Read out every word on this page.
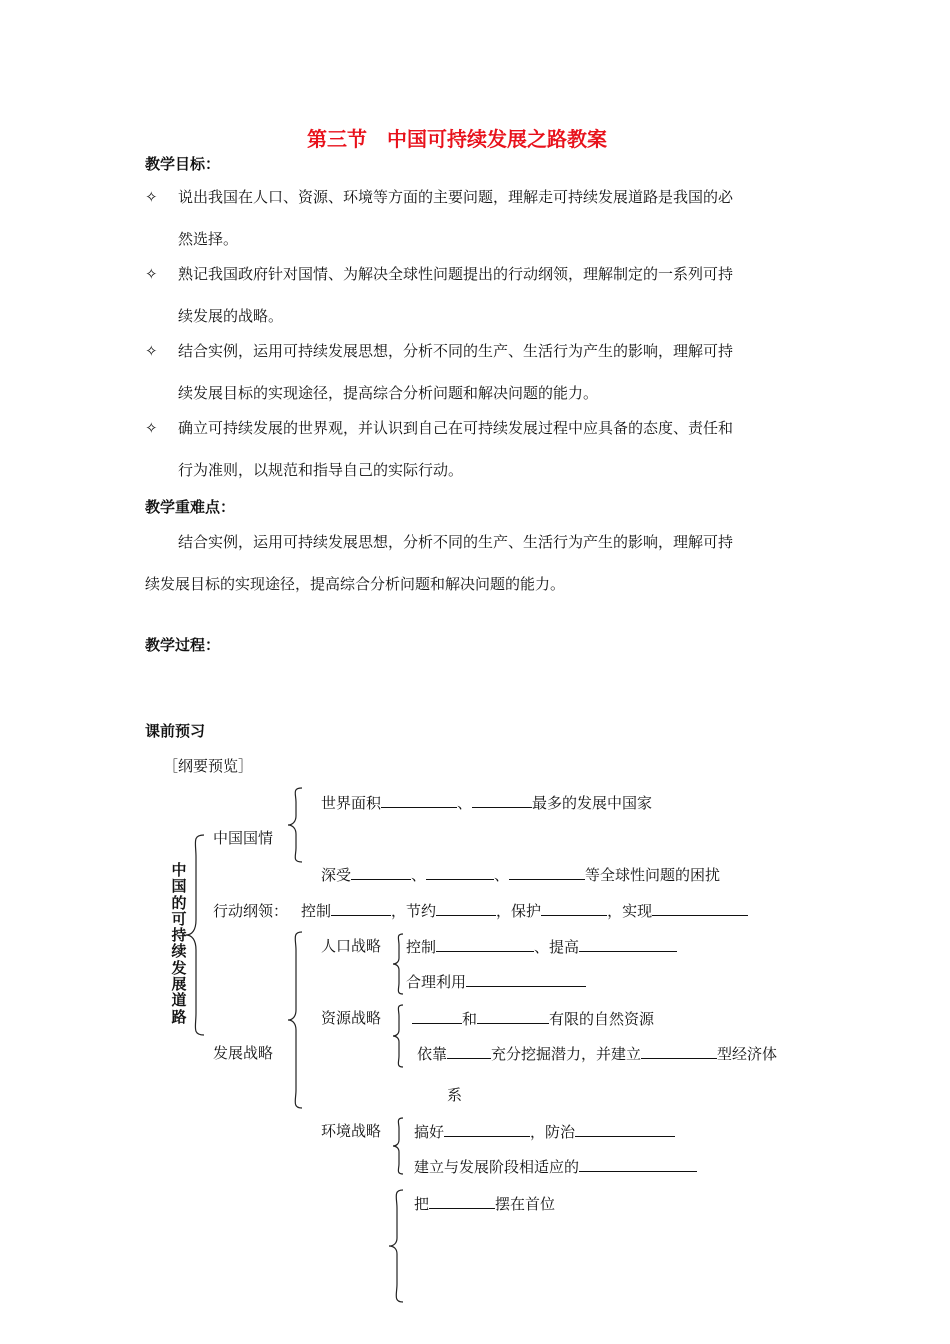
第三节　中国可持续发展之路教案
教学目标：
✧ 说出我国在人口、资源、环境等方面的主要问题，理解走可持续发展道路是我国的必
然选择。
✧ 熟记我国政府针对国情、为解决全球性问题提出的行动纲领，理解制定的一系列可持
续发展的战略。
✧ 结合实例，运用可持续发展思想，分析不同的生产、生活行为产生的影响，理解可持
续发展目标的实现途径，提高综合分析问题和解决问题的能力。
✧ 确立可持续发展的世界观，并认识到自己在可持续发展过程中应具备的态度、责任和
行为准则，以规范和指导自己的实际行动。
教学重难点：
结合实例，运用可持续发展思想，分析不同的生产、生活行为产生的影响，理解可持
续发展目标的实现途径，提高综合分析问题和解决问题的能力。
教学过程：
课前预习
［纲要预览］
中国的可持续发展道路
中国国情
世界面积	、	最多的发展中国家
深受	、	、	等全球性问题的困扰
行动纲领： 控制	，节约	，保护	，实现
发展战略
人口战略 控制	、提高
合理利用
资源战略	和	有限的自然资源
依靠	充分挖掘潜力，并建立	型经济体
系
环境战略 搞好	，防治
建立与发展阶段相适应的
把	摆在首位
